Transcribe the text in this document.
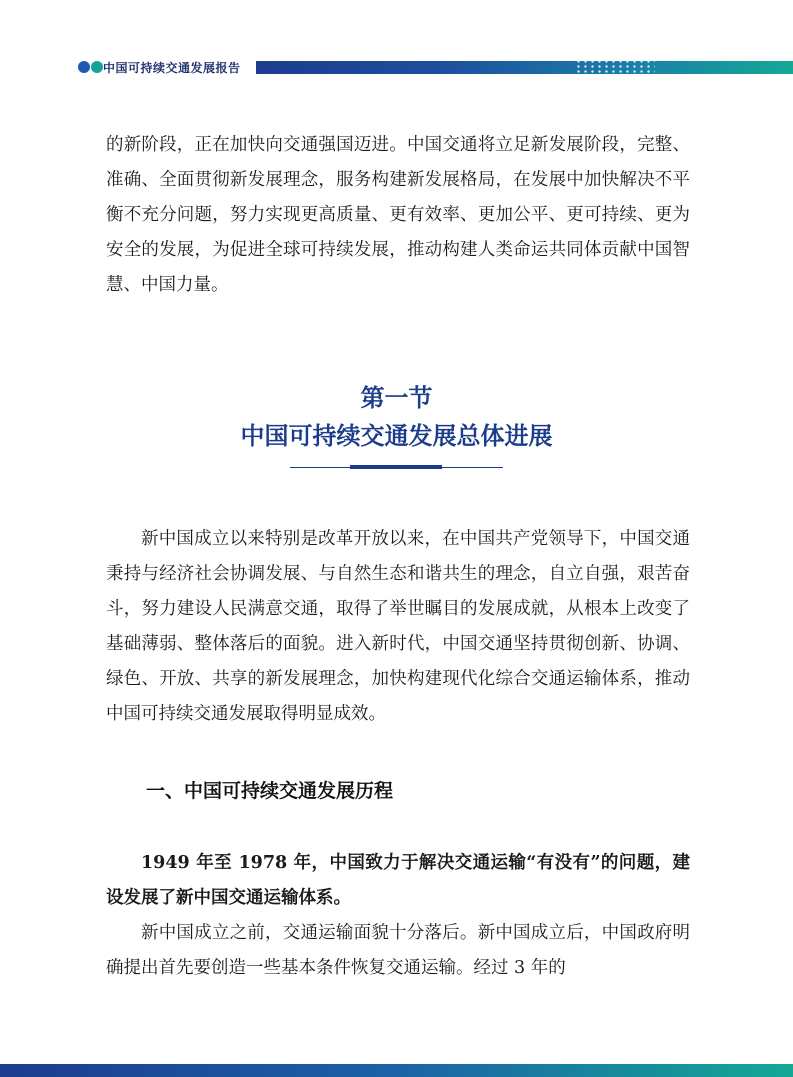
中国可持续交通发展报告

的新阶段，正在加快向交通强国迈进。中国交通将立足新发展阶段，完整、准确、全面贯彻新发展理念，服务构建新发展格局，在发展中加快解决不平衡不充分问题，努力实现更高质量、更有效率、更加公平、更可持续、更为安全的发展，为促进全球可持续发展，推动构建人类命运共同体贡献中国智慧、中国力量。

第一节
中国可持续交通发展总体进展

新中国成立以来特别是改革开放以来，在中国共产党领导下，中国交通秉持与经济社会协调发展、与自然生态和谐共生的理念，自立自强，艰苦奋斗，努力建设人民满意交通，取得了举世瞩目的发展成就，从根本上改变了基础薄弱、整体落后的面貌。进入新时代，中国交通坚持贯彻创新、协调、绿色、开放、共享的新发展理念，加快构建现代化综合交通运输体系，推动中国可持续交通发展取得明显成效。

一、中国可持续交通发展历程

1949 年至 1978 年，中国致力于解决交通运输“有没有”的问题，建设发展了新中国交通运输体系。

新中国成立之前，交通运输面貌十分落后。新中国成立后，中国政府明确提出首先要创造一些基本条件恢复交通运输。经过 3 年的
